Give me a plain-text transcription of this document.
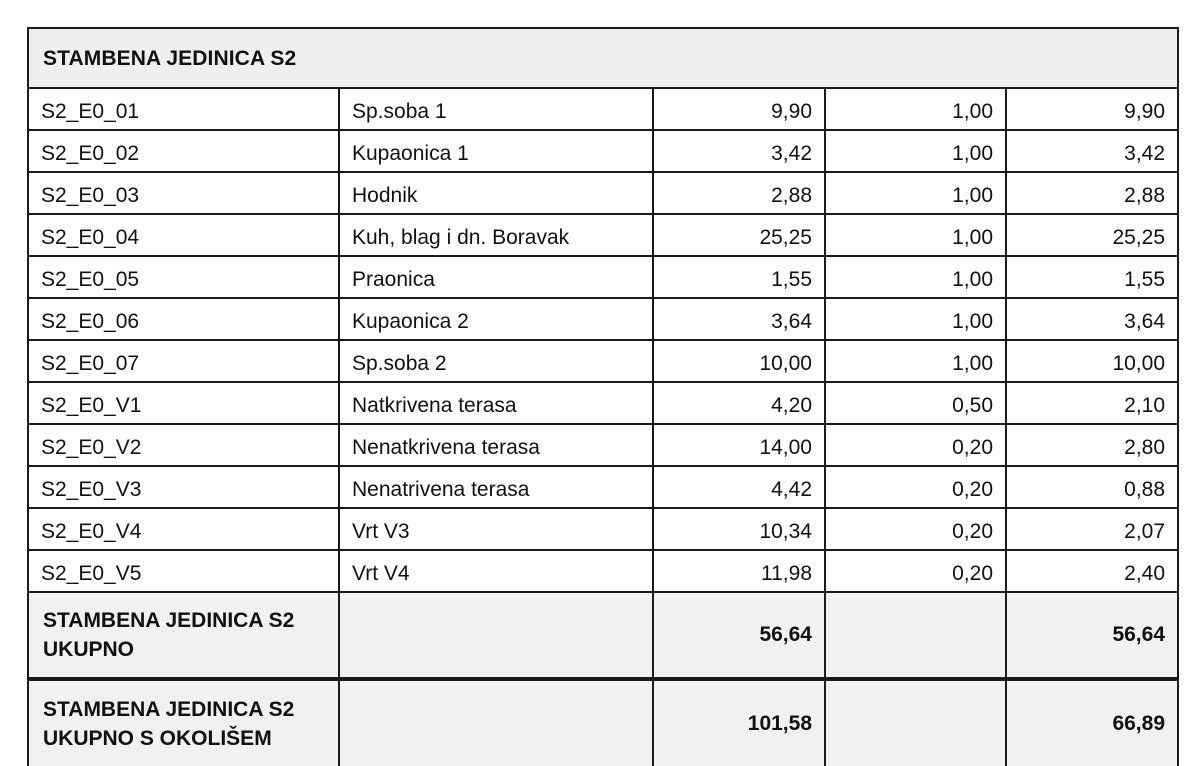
STAMBENA JEDINICA S2				
S2_E0_01	Sp.soba 1	9,90	1,00	9,90
S2_E0_02	Kupaonica 1	3,42	1,00	3,42
S2_E0_03	Hodnik	2,88	1,00	2,88
S2_E0_04	Kuh, blag i dn. Boravak	25,25	1,00	25,25
S2_E0_05	Praonica	1,55	1,00	1,55
S2_E0_06	Kupaonica 2	3,64	1,00	3,64
S2_E0_07	Sp.soba 2	10,00	1,00	10,00
S2_E0_V1	Natkrivena terasa	4,20	0,50	2,10
S2_E0_V2	Nenatkrivena terasa	14,00	0,20	2,80
S2_E0_V3	Nenatrivena terasa	4,42	0,20	0,88
S2_E0_V4	Vrt V3	10,34	0,20	2,07
S2_E0_V5	Vrt V4	11,98	0,20	2,40
STAMBENA JEDINICA S2
UKUPNO		56,64		56,64
STAMBENA JEDINICA S2
UKUPNO S OKOLIŠEM		101,58		66,89
